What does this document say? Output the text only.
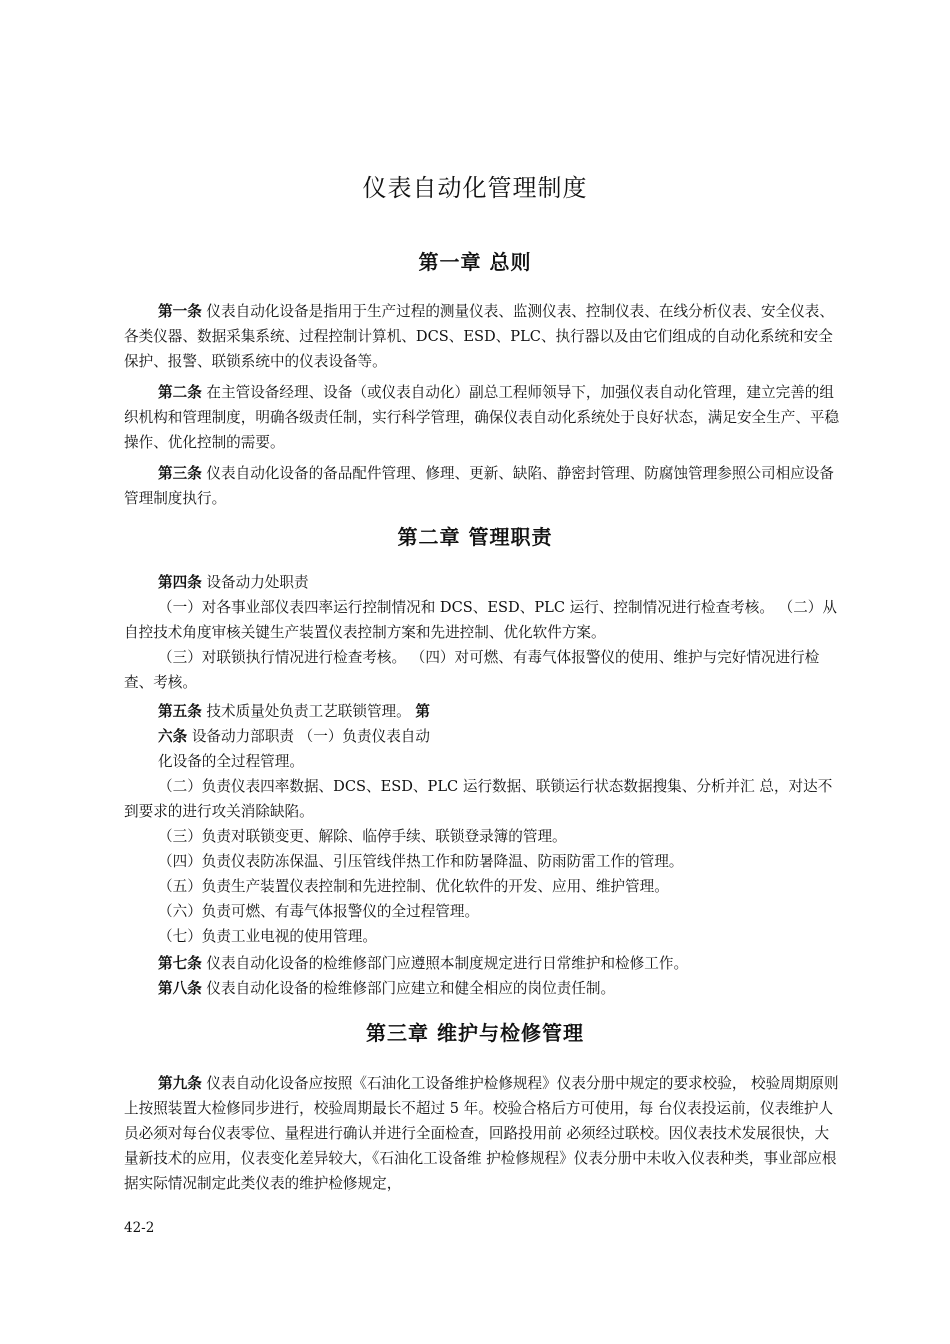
仪表自动化管理制度
第一章 总则

第一条 仪表自动化设备是指用于生产过程的测量仪表、监测仪表、控制仪表、在线分析仪表、安全仪表、各类仪器、数据采集系统、过程控制计算机、DCS、ESD、PLC、执行器以及由它们组成的自动化系统和安全保护、报警、联锁系统中的仪表设备等。

第二条 在主管设备经理、设备（或仪表自动化）副总工程师领导下，加强仪表自动化管理，建立完善的组织机构和管理制度，明确各级责任制，实行科学管理，确保仪表自动化系统处于良好状态，满足安全生产、平稳操作、优化控制的需要。

第三条 仪表自动化设备的备品配件管理、修理、更新、缺陷、静密封管理、防腐蚀管理参照公司相应设备管理制度执行。

第二章 管理职责

第四条 设备动力处职责

（一）对各事业部仪表四率运行控制情况和 DCS、ESD、PLC 运行、控制情况进行检查考核。 （二）从自控技术角度审核关键生产装置仪表控制方案和先进控制、优化软件方案。

（三）对联锁执行情况进行检查考核。 （四）对可燃、有毒气体报警仪的使用、维护与完好情况进行检查、考核。

第五条 技术质量处负责工艺联锁管理。 第
六条 设备动力部职责 （一）负责仪表自动
化设备的全过程管理。

（二）负责仪表四率数据、DCS、ESD、PLC 运行数据、联锁运行状态数据搜集、分析并汇 总，对达不到要求的进行攻关消除缺陷。

（三）负责对联锁变更、解除、临停手续、联锁登录簿的管理。

（四）负责仪表防冻保温、引压管线伴热工作和防暑降温、防雨防雷工作的管理。

（五）负责生产装置仪表控制和先进控制、优化软件的开发、应用、维护管理。

（六）负责可燃、有毒气体报警仪的全过程管理。

（七）负责工业电视的使用管理。

第七条 仪表自动化设备的检维修部门应遵照本制度规定进行日常维护和检修工作。

第八条 仪表自动化设备的检维修部门应建立和健全相应的岗位责任制。

第三章 维护与检修管理

第九条 仪表自动化设备应按照《石油化工设备维护检修规程》仪表分册中规定的要求校验， 校验周期原则上按照装置大检修同步进行，校验周期最长不超过 5 年。校验合格后方可使用，每 台仪表投运前，仪表维护人员必须对每台仪表零位、量程进行确认并进行全面检查，回路投用前 必须经过联校。因仪表技术发展很快，大量新技术的应用，仪表变化差异较大，《石油化工设备维 护检修规程》仪表分册中未收入仪表种类，事业部应根据实际情况制定此类仪表的维护检修规定，

42-2
